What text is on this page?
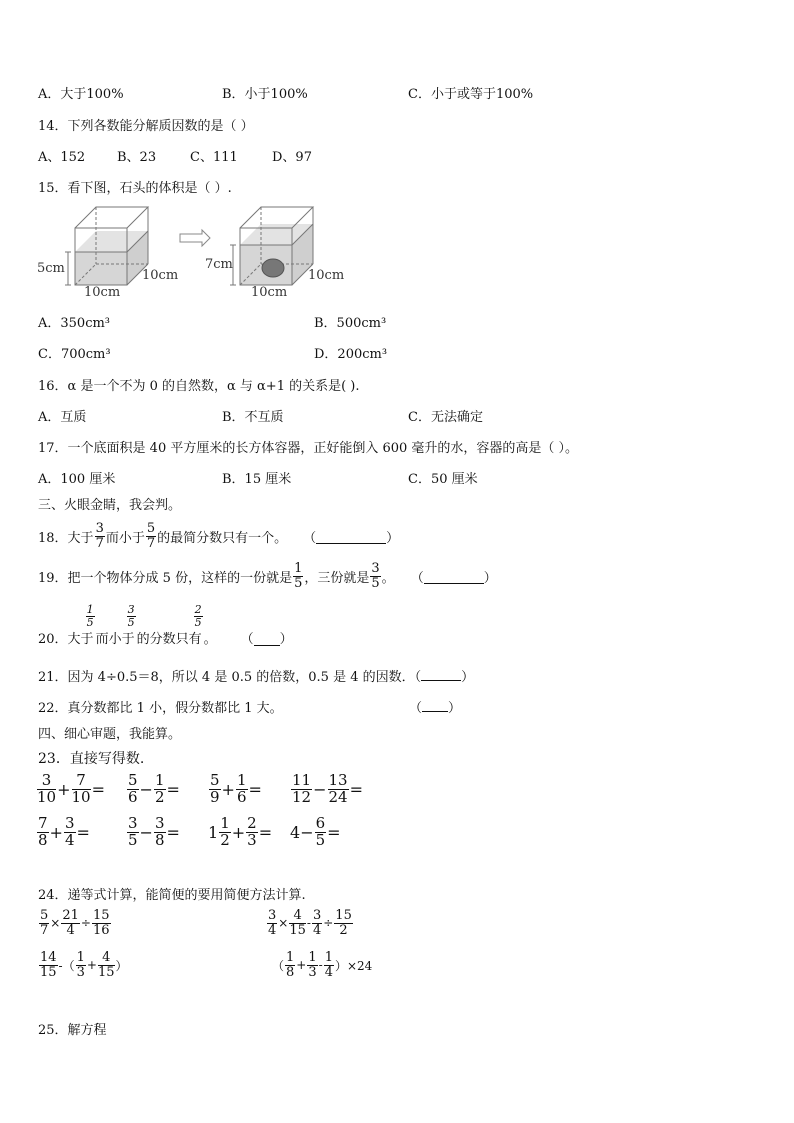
A．大于100%	B．小于100%	C．小于或等于100%
14．下列各数能分解质因数的是（ ）
A、152 B、23	C、111	D、97
15．看下图，石头的体积是（ ）.
5cm	10cm
10cm
7cm
10cm
10cm
A．350cm³	B．500cm³
C．700cm³	D．200cm³
16．α 是一个不为 0 的自然数，α 与 α+1 的关系是( ).
A．互质	B．不互质	C．无法确定
17．一个底面积是 40 平方厘米的长方体容器，正好能倒入 600 毫升的水，容器的高是（ ）。
A．100 厘米	B．15 厘米	C．50 厘米
三、火眼金睛，我会判。
18． 大于 $\frac{3}{7}$ 而小于 $\frac{5}{7}$ 的最简分数只有一个。 （	）
19． 把一个物体分成 5 份，这样的一份就是 $\frac{1}{5}$ ，三份就是 $\frac{3}{5}$ 。 （	）
20． 大于
$\frac{1}{5}$
而小于
$\frac{3}{5}$
的分数只有
$\frac{2}{5}$
。 （ ）
21．因为 4÷0.5＝8，所以 4 是 0.5 的倍数，0.5 是 4 的因数．（	）
22．真分数都比 1 小，假分数都比 1 大。	（ ）
四、细心审题，我能算。
23．直接写得数.
$\frac{3}{10} + \frac{7}{10} = \frac{5}{6} - \frac{1}{2} = \frac{5}{9} + \frac{1}{6} = \frac{11}{12} - \frac{13}{24}$ =
$\frac{7}{8} + \frac{3}{4} = \frac{3}{5} - \frac{3}{8} = 1 \frac{1}{2} + \frac{2}{3} = 4 - \frac{6}{5}$ =
24．递等式计算，能简便的要用简便方法计算.
$\frac{5}{7} \times \frac{21}{4} \div \frac{15}{16}$	$\frac{3}{4} \times \frac{4}{15} - \frac{3}{4} \div \frac{15}{2}$
$\frac{14}{15}$ -（ $\frac{1}{3} + \frac{4}{15}$ ）	（ $\frac{1}{8} + \frac{1}{3} - \frac{1}{4} )\times 24$
25．解方程
